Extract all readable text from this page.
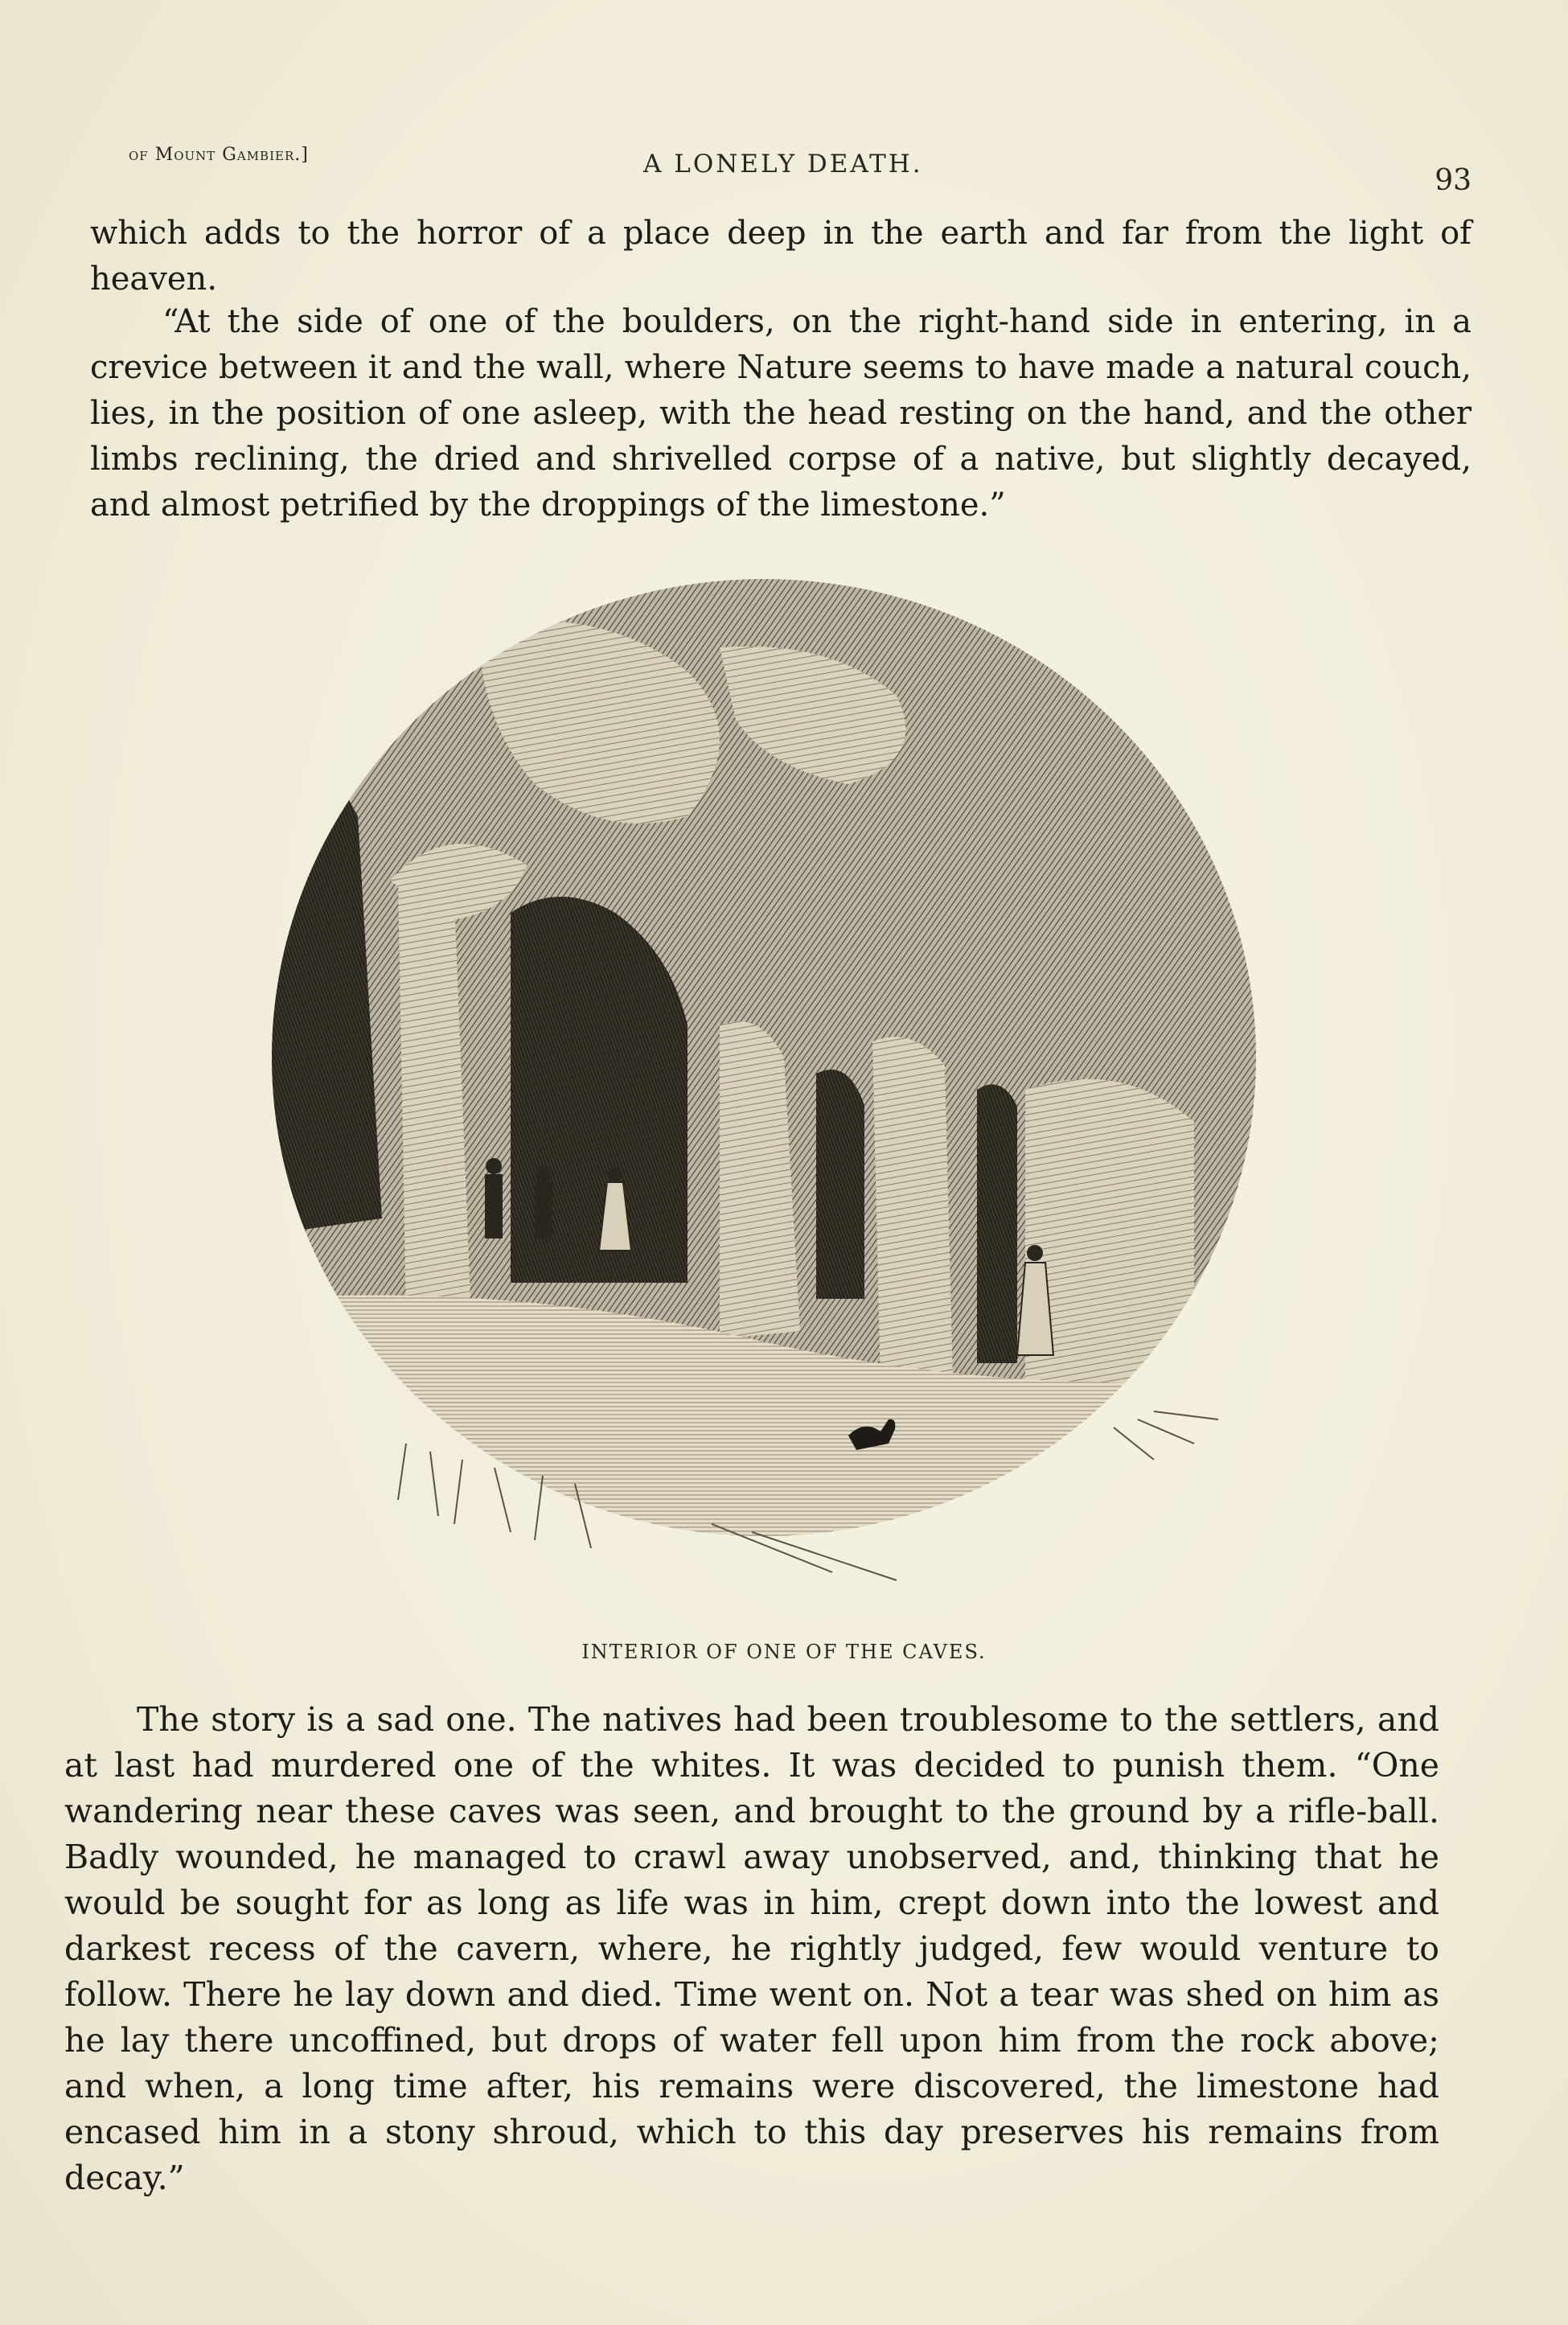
of Mount Gambier.]	A LONELY DEATH.	93
which adds to the horror of a place deep in the earth and far from the light of heaven.
“At the side of one of the boulders, on the right-hand side in entering, in a crevice between it and the wall, where Nature seems to have made a natural couch, lies, in the position of one asleep, with the head resting on the hand, and the other limbs reclining, the dried and shrivelled corpse of a native, but slightly decayed, and almost petrified by the droppings of the limestone.”
INTERIOR OF ONE OF THE CAVES.
The story is a sad one. The natives had been troublesome to the settlers, and at last had murdered one of the whites. It was decided to punish them. “One wandering near these caves was seen, and brought to the ground by a rifle-ball. Badly wounded, he managed to crawl away unobserved, and, thinking that he would be sought for as long as life was in him, crept down into the lowest and darkest recess of the cavern, where, he rightly judged, few would venture to follow. There he lay down and died. Time went on. Not a tear was shed on him as he lay there uncoffined, but drops of water fell upon him from the rock above; and when, a long time after, his remains were discovered, the limestone had encased him in a stony shroud, which to this day preserves his remains from decay.”
